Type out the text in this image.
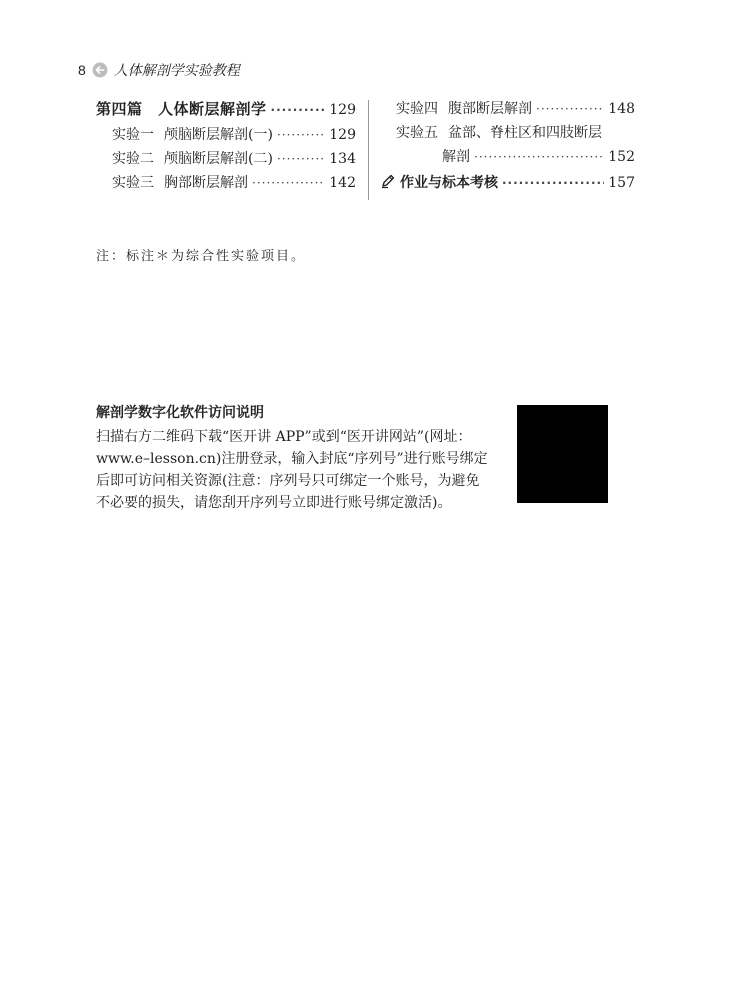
8 人体解剖学实验教程
第四篇　人体断层解剖学 ·····	129
实验一 颅脑断层解剖(一) ·····	129
实验二 颅脑断层解剖(二) ·····	134
实验三 胸部断层解剖 ·····	142
实验四 腹部断层解剖 ·····	148
实验五 盆部、脊柱区和四肢断层
解剖 ·····	152
作业与标本考核 ·····	157
注：标注＊为综合性实验项目。
解剖学数字化软件访问说明
扫描右方二维码下载“医开讲 APP”或到“医开讲网站”(网址：
www.e–lesson.cn)注册登录，输入封底“序列号”进行账号绑定
后即可访问相关资源(注意：序列号只可绑定一个账号，为避免
不必要的损失，请您刮开序列号立即进行账号绑定激活)。
